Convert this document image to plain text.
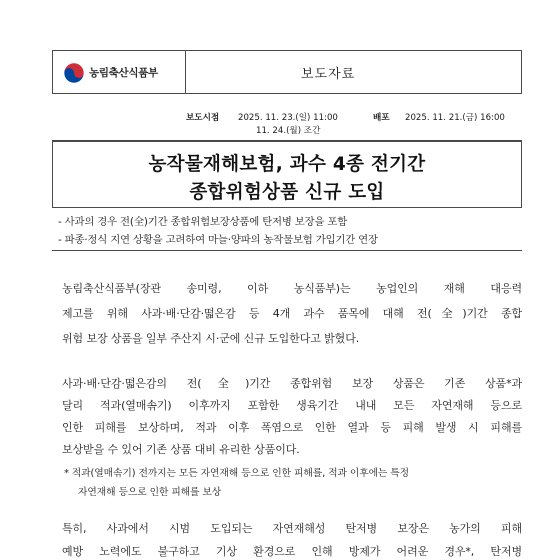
농림축산식품부	보도자료
보도시점 2025. 11. 23.(일) 11:00
11. 24.(월) 조간
배포 2025. 11. 21.(금) 16:00
농작물재해보험, 과수 4종 전기간
종합위험상품 신규 도입
- 사과의 경우 전(全)기간 종합위험보장상품에 탄저병 보장을 포함
- 파종·정식 지연 상황을 고려하여 마늘·양파의 농작물보험 가입기간 연장
농림축산식품부(장관 송미령, 이하 농식품부)는 농업인의 재해 대응력
제고를 위해 사과·배·단감·떫은감 등 4개 과수 품목에 대해 전(全)기간 종합
위험 보장 상품을 일부 주산지 시·군에 신규 도입한다고 밝혔다.
사과·배·단감·떫은감의 전(全)기간 종합위험 보장 상품은 기존 상품*과
달리 적과(열매솎기) 이후까지 포함한 생육기간 내내 모든 자연재해 등으로
인한 피해를 보상하며, 적과 이후 폭염으로 인한 열과 등 피해 발생 시 피해를
보상받을 수 있어 기존 상품 대비 유리한 상품이다.
* 적과(열매솎기) 전까지는 모든 자연재해 등으로 인한 피해를, 적과 이후에는 특정
자연재해 등으로 인한 피해를 보상
특히, 사과에서 시범 도입되는 자연재해성 탄저병 보장은 농가의 피해
예방 노력에도 불구하고 기상 환경으로 인해 방제가 어려운 경우*, 탄저병
